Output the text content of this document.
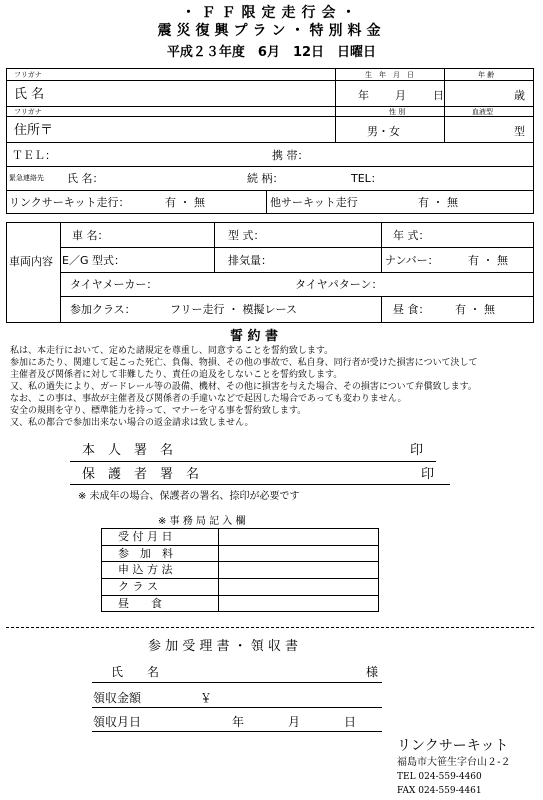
・ＦＦ限定走行会・
震災復興プラン・特別料金
平成２３年度　6月　12日　日曜日
フリガナ	生　年　月　日	年 齢
氏 名	年 月 日	歳
フリガナ	性 別	血液型
住所〒	男・女	型
ＴＥＬ：	携 帯：
緊急連絡先 氏 名：	続 柄：	TEL：
リンクサーキット走行：	有 ・ 無	他サーキット走行	有 ・ 無
車両内容
車 名：	型 式：	年 式：
E／G 型式：	排気量：	ナンバー：	有 ・ 無
タイヤメーカー：	タイヤパターン：
参加クラス：	フリー走行 ・ 模擬レース	昼 食： 有 ・ 無
誓 約 書
私は、本走行において、定めた諸規定を尊重し、同意することを誓約致します。
参加にあたり、関連して起こった死亡、負傷、物損、その他の事故で、私自身、同行者が受けた損害について決して
主催者及び関係者に対して非難したり、責任の追及をしないことを誓約致します。
又、私の過失により、ガードレール等の設備、機材、その他に損害を与えた場合、その損害について弁償致します。
なお、この事は、事故が主催者及び関係者の手違いなどで起因した場合であっても変わりません。
安全の規則を守り、標準能力を持って、マナーを守る事を誓約致します。
又、私の都合で参加出来ない場合の返金請求は致しません。
本　人　署　名	印
保　護　者　署　名	印
※ 未成年の場合、保護者の署名、捺印が必要です
※ 事 務 局 記 入 欄
受 付 月 日
参　加　料
申 込 方 法
ク ラ ス
昼　　食
参 加 受 理 書 ・ 領 収 書
氏　　名	様
領収金額	￥
領収月日	年	月	日
リンクサーキット
福島市大笹生字台山２-２
TEL 024-559-4460
FAX 024-559-4461
